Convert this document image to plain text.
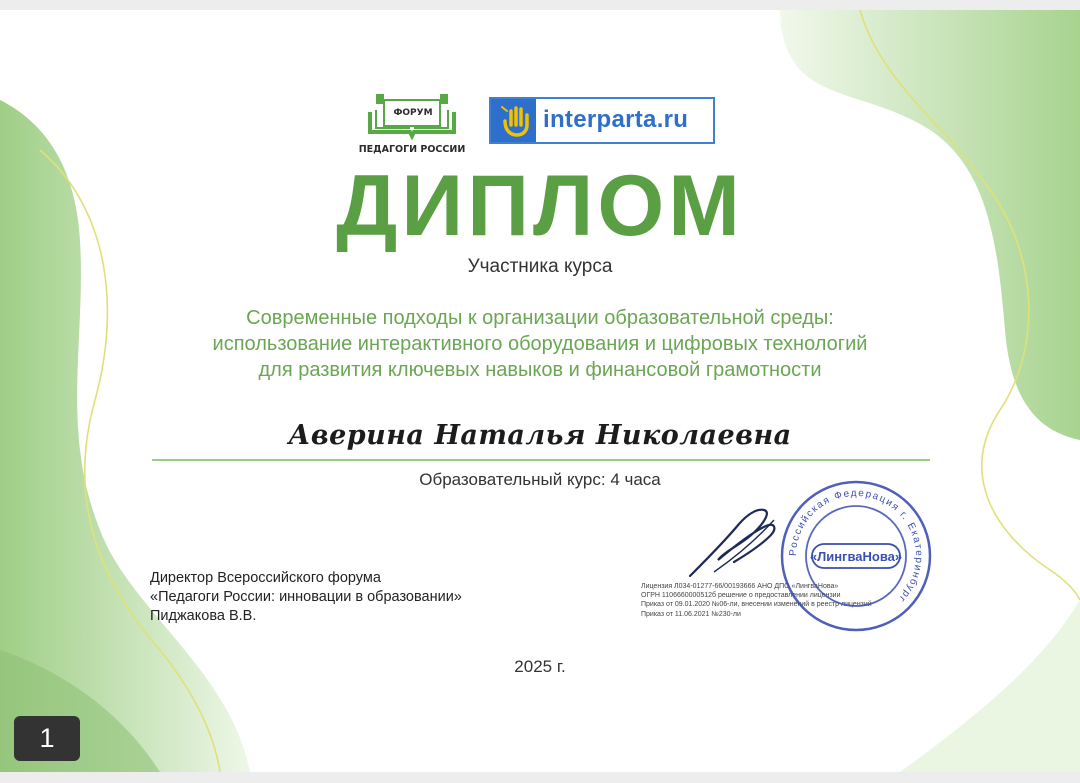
ФОРУМ
ПЕДАГОГИ РОССИИ
interparta.ru
ДИПЛОМ
Участника курса
Современные подходы к организации образовательной среды:
использование интерактивного оборудования и цифровых технологий
для развития ключевых навыков и финансовой грамотности
Аверина Наталья Николаевна
Образовательный курс: 4 часа
Директор Всероссийского форума
«Педагоги России: инновации в образовании»
Пиджакова В.В.
Лицензия Л034-01277-66/00193666 АНО ДПО «ЛингваНова»
ОГРН 1106660000512б решение о предоставлении лицензии
Приказ от 09.01.2020 №06-ли, внесении изменений в реестр лицензий
Приказ от 11.06.2021 №230-ли
Российская Федерация г. Екатеринбург
«ЛингваНова»
2025 г.
1
